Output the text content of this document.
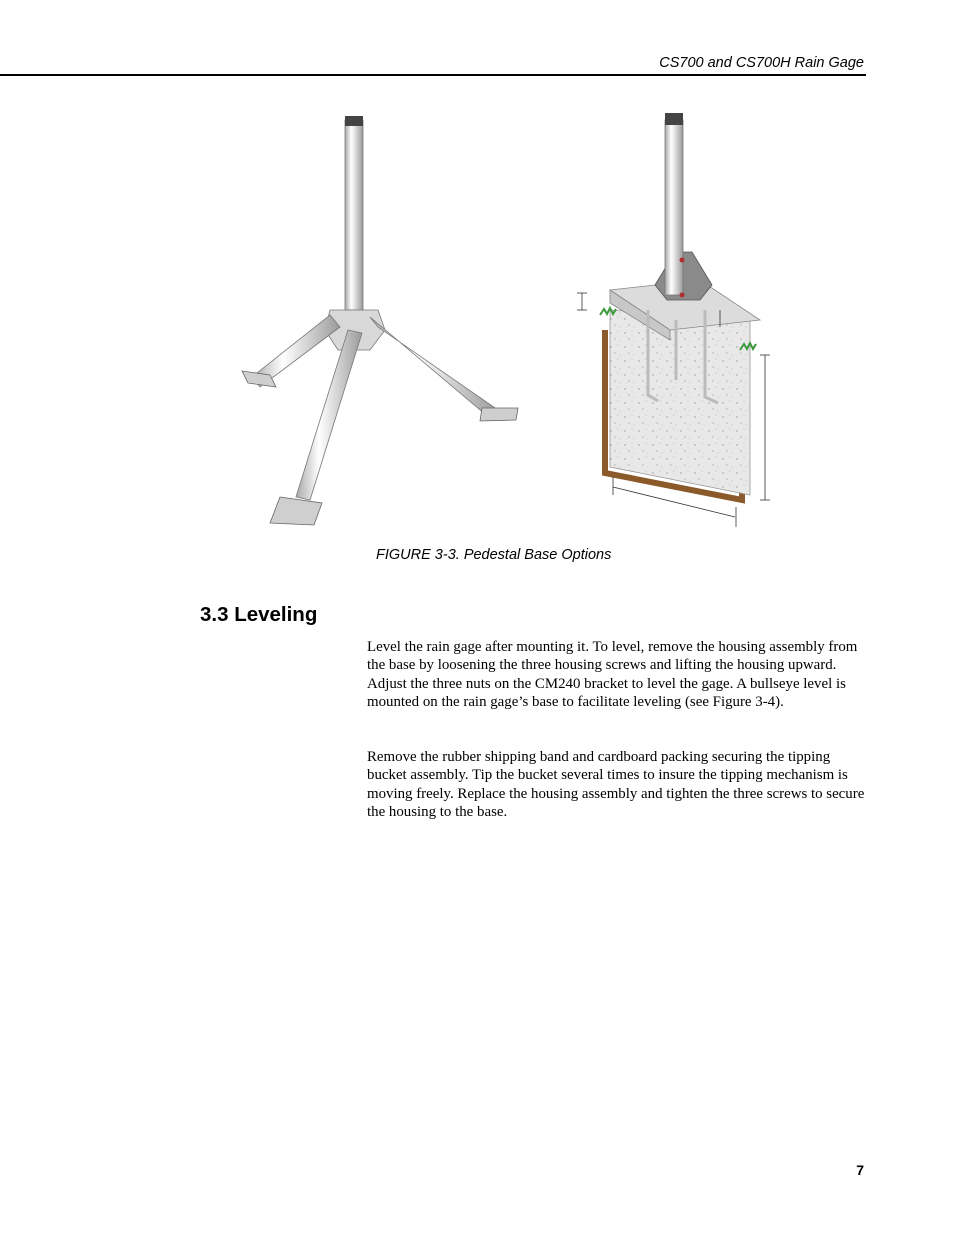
CS700 and CS700H Rain Gage
FIGURE 3-3. Pedestal Base Options
3.3 Leveling

Level the rain gage after mounting it. To level, remove the housing assembly from the base by loosening the three housing screws and lifting the housing upward. Adjust the three nuts on the CM240 bracket to level the gage. A bullseye level is mounted on the rain gage’s base to facilitate leveling (see Figure 3-4).

Remove the rubber shipping band and cardboard packing securing the tipping bucket assembly. Tip the bucket several times to insure the tipping mechanism is moving freely. Replace the housing assembly and tighten the three screws to secure the housing to the base.

7
